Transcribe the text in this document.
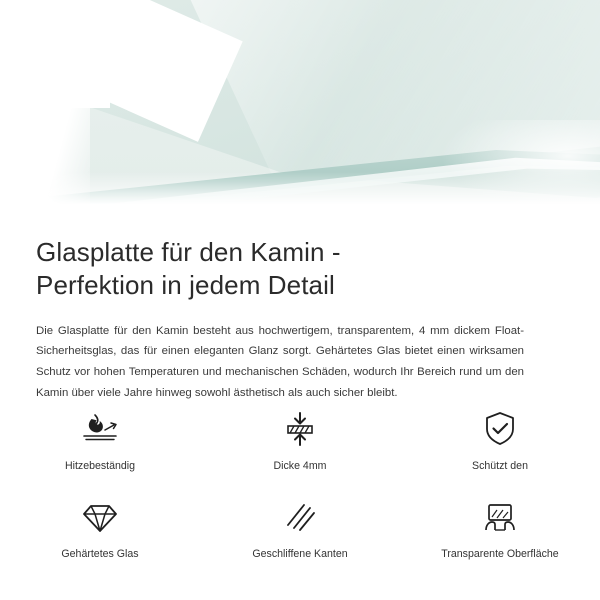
Glasplatte für den Kamin -
Perfektion in jedem Detail

Die Glasplatte für den Kamin besteht aus hochwertigem, transparentem, 4 mm dickem Float-Sicherheitsglas, das für einen eleganten Glanz sorgt. Gehärtetes Glas bietet einen wirksamen Schutz vor hohen Temperaturen und mechanischen Schäden, wodurch Ihr Bereich rund um den Kamin über viele Jahre hinweg sowohl ästhetisch als auch sicher bleibt.

Hitzebeständig	Dicke 4mm	Schützt den
Gehärtetes Glas	Geschliffene Kanten	Transparente Oberfläche
